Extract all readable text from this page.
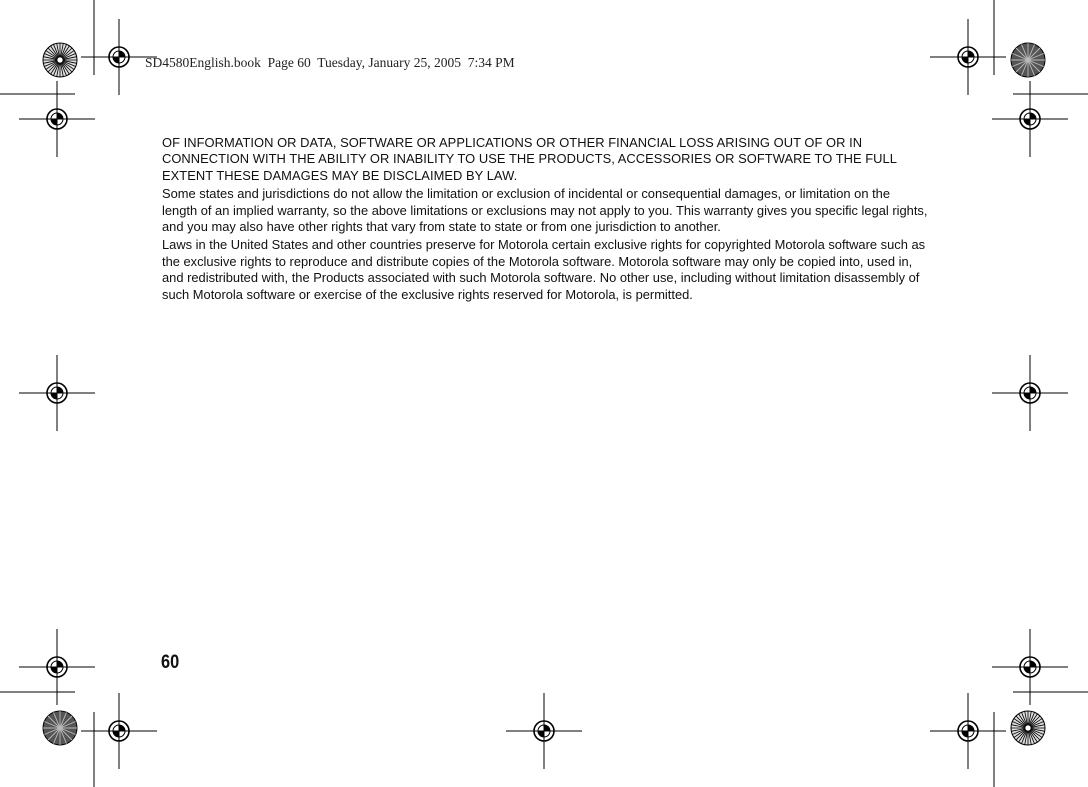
SD4580English.book  Page 60  Tuesday, January 25, 2005  7:34 PM

OF INFORMATION OR DATA, SOFTWARE OR APPLICATIONS OR OTHER FINANCIAL LOSS ARISING OUT OF OR IN CONNECTION WITH THE ABILITY OR INABILITY TO USE THE PRODUCTS, ACCESSORIES OR SOFTWARE TO THE FULL EXTENT THESE DAMAGES MAY BE DISCLAIMED BY LAW.

Some states and jurisdictions do not allow the limitation or exclusion of incidental or consequential damages, or limitation on the length of an implied warranty, so the above limitations or exclusions may not apply to you. This warranty gives you specific legal rights, and you may also have other rights that vary from state to state or from one jurisdiction to another.

Laws in the United States and other countries preserve for Motorola certain exclusive rights for copyrighted Motorola software such as the exclusive rights to reproduce and distribute copies of the Motorola software. Motorola software may only be copied into, used in, and redistributed with, the Products associated with such Motorola software. No other use, including without limitation disassembly of such Motorola software or exercise of the exclusive rights reserved for Motorola, is permitted.

60
